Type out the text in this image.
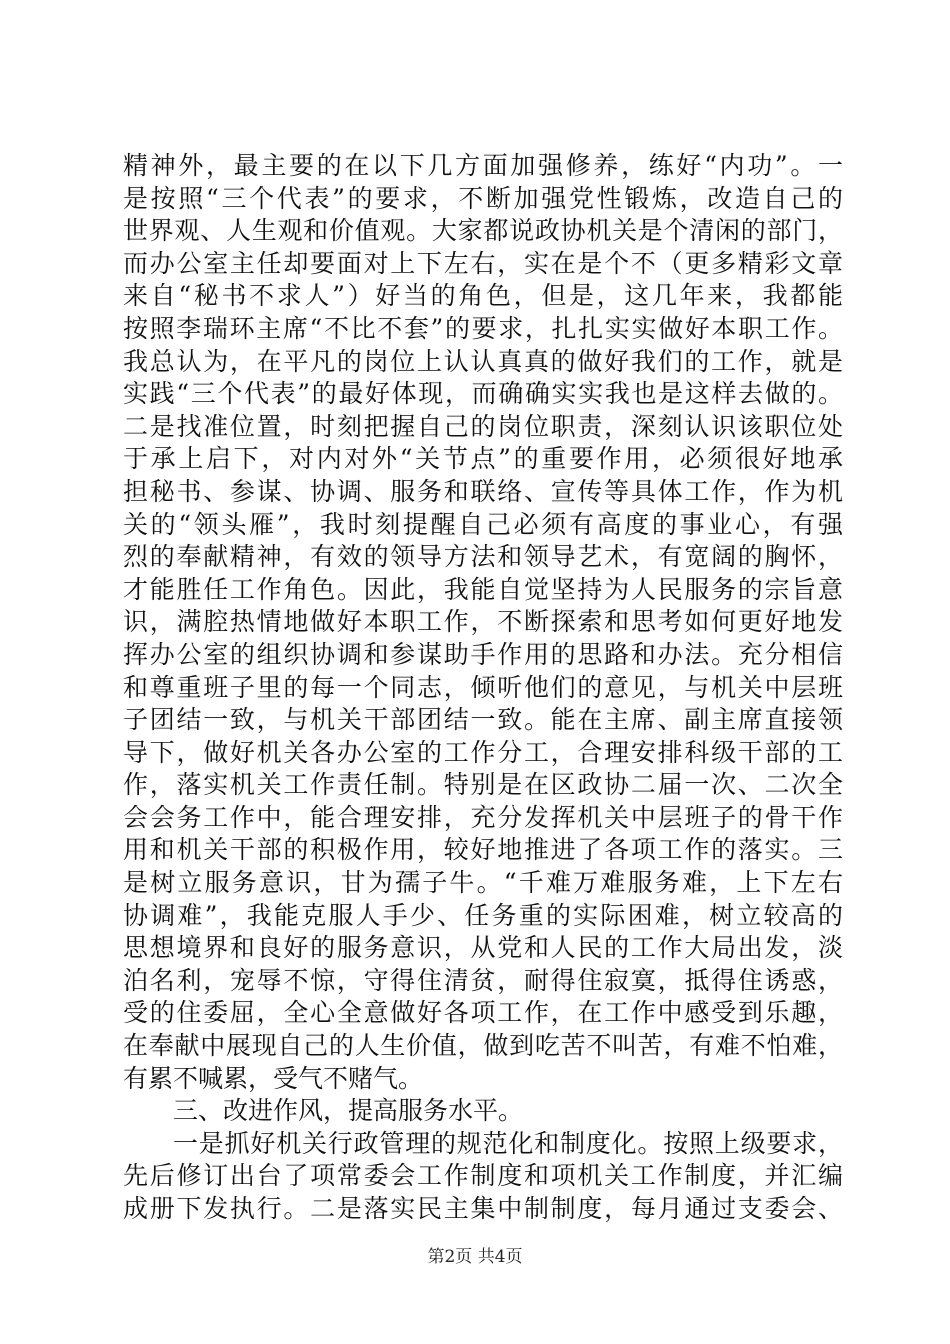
精神外，最主要的在以下几方面加强修养，练好“内功”。一
是按照“三个代表”的要求，不断加强党性锻炼，改造自己的
世界观、人生观和价值观。大家都说政协机关是个清闲的部门，
而办公室主任却要面对上下左右，实在是个不（更多精彩文章
来自“秘书不求人”）好当的角色，但是，这几年来，我都能
按照李瑞环主席“不比不套”的要求，扎扎实实做好本职工作。
我总认为，在平凡的岗位上认认真真的做好我们的工作，就是
实践“三个代表”的最好体现，而确确实实我也是这样去做的。
二是找准位置，时刻把握自己的岗位职责，深刻认识该职位处
于承上启下，对内对外“关节点”的重要作用，必须很好地承
担秘书、参谋、协调、服务和联络、宣传等具体工作，作为机
关的“领头雁”，我时刻提醒自己必须有高度的事业心，有强
烈的奉献精神，有效的领导方法和领导艺术，有宽阔的胸怀，
才能胜任工作角色。因此，我能自觉坚持为人民服务的宗旨意
识，满腔热情地做好本职工作，不断探索和思考如何更好地发
挥办公室的组织协调和参谋助手作用的思路和办法。充分相信
和尊重班子里的每一个同志，倾听他们的意见，与机关中层班
子团结一致，与机关干部团结一致。能在主席、副主席直接领
导下，做好机关各办公室的工作分工，合理安排科级干部的工
作，落实机关工作责任制。特别是在区政协二届一次、二次全
会会务工作中，能合理安排，充分发挥机关中层班子的骨干作
用和机关干部的积极作用，较好地推进了各项工作的落实。三
是树立服务意识，甘为孺子牛。“千难万难服务难，上下左右
协调难”，我能克服人手少、任务重的实际困难，树立较高的
思想境界和良好的服务意识，从党和人民的工作大局出发，淡
泊名利，宠辱不惊，守得住清贫，耐得住寂寞，抵得住诱惑，
受的住委屈，全心全意做好各项工作，在工作中感受到乐趣，
在奉献中展现自己的人生价值，做到吃苦不叫苦，有难不怕难，
有累不喊累，受气不赌气。
三、改进作风，提高服务水平。
一是抓好机关行政管理的规范化和制度化。按照上级要求，
先后修订出台了项常委会工作制度和项机关工作制度，并汇编
成册下发执行。二是落实民主集中制制度，每月通过支委会、
第2页 共4页
